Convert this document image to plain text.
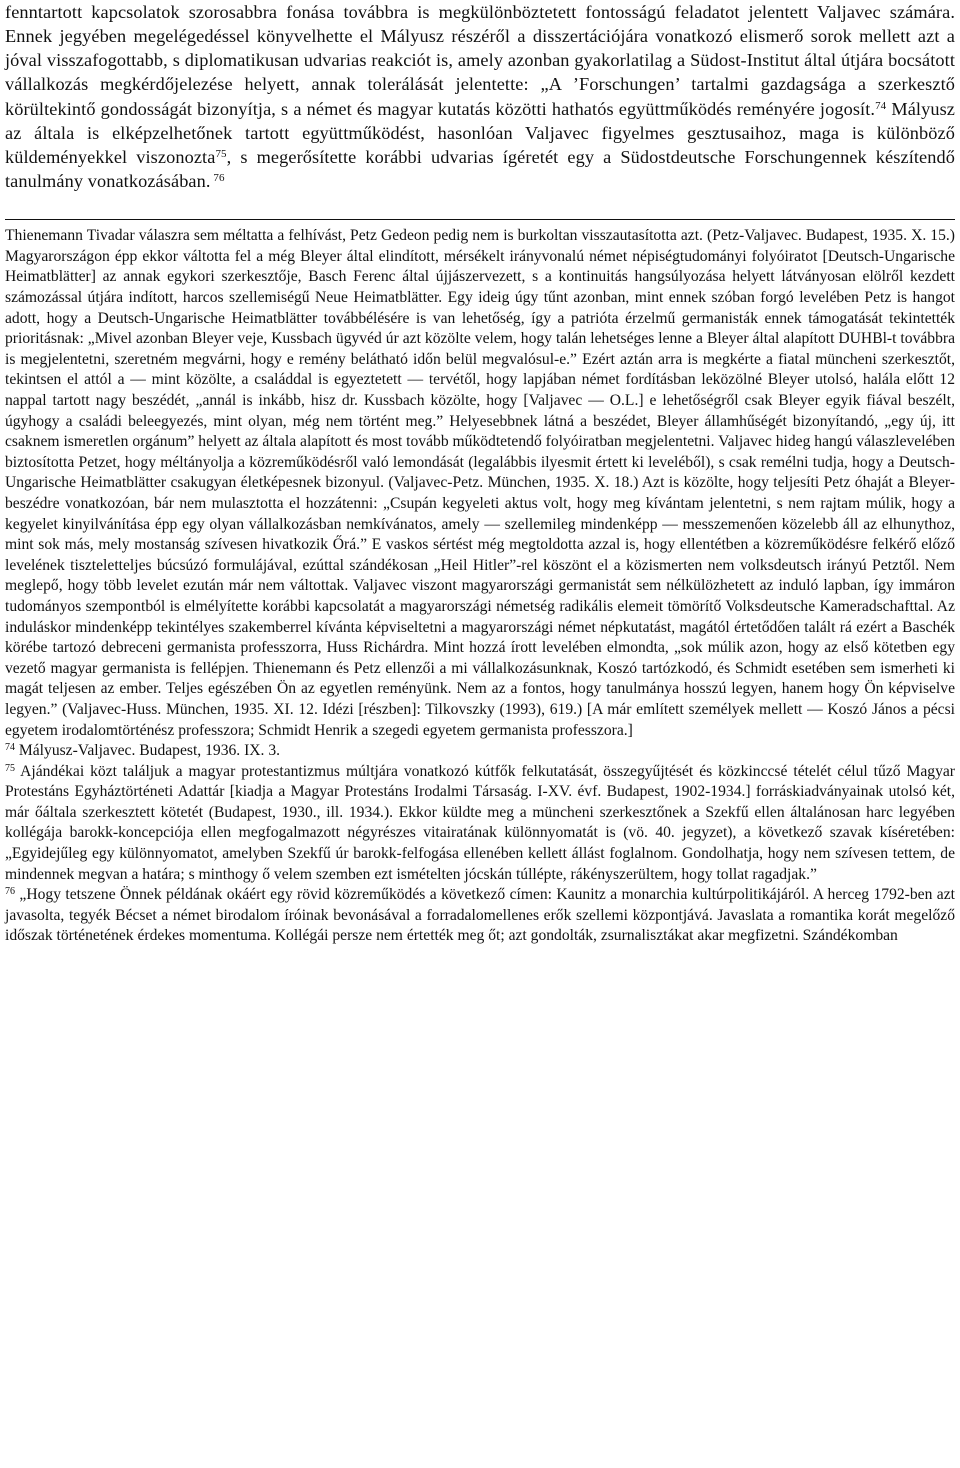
fenntartott kapcsolatok szorosabbra fonása továbbra is megkülönböztetett fontosságú feladatot jelentett Valjavec számára. Ennek jegyében megelégedéssel könyvelhette el Mályusz részéről a disszertációjára vonatkozó elismerő sorok mellett azt a jóval visszafogottabb, s diplomatikusan udvarias reakciót is, amely azonban gyakorlatilag a Südost-Institut által útjára bocsátott vállalkozás megkérdőjelezése helyett, annak tolerálását jelentette: „A ’Forschungen’ tartalmi gazdagsága a szerkesztő körültekintő gondosságát bizonyítja, s a német és magyar kutatás közötti hathatós együttműködés reményére jogosít.$^{74}$ Mályusz az általa is elképzelhetőnek tartott együttműködést, hasonlóan Valjavec figyelmes gesztusaihoz, maga is különböző küldeményekkel viszonozta$^{75}$, s megerősítette korábbi udvarias ígéretét egy a Südostdeutsche Forschungennek készítendő tanulmány vonatkozásában. $^{76}$

Thienemann Tivadar válaszra sem méltatta a felhívást, Petz Gedeon pedig nem is burkoltan visszautasította azt. (Petz-Valjavec. Budapest, 1935. X. 15.) Magyarországon épp ekkor váltotta fel a még Bleyer által elindított, mérsékelt irányvonalú német népiségtudományi folyóiratot [Deutsch-Ungarische Heimatblätter] az annak egykori szerkesztője, Basch Ferenc által újjászervezett, s a kontinuitás hangsúlyozása helyett látványosan elölről kezdett számozással útjára indított, harcos szellemiségű Neue Heimatblätter. Egy ideig úgy tűnt azonban, mint ennek szóban forgó levelében Petz is hangot adott, hogy a Deutsch-Ungarische Heimatblätter továbbélésére is van lehetőség, így a patrióta érzelmű germanisták ennek támogatását tekintették prioritásnak: „Mivel azonban Bleyer veje, Kussbach ügyvéd úr azt közölte velem, hogy talán lehetséges lenne a Bleyer által alapított DUHBl-t továbbra is megjelentetni, szeretném megvárni, hogy e remény belátható időn belül megvalósul-e.” Ezért aztán arra is megkérte a fiatal müncheni szerkesztőt, tekintsen el attól a — mint közölte, a családdal is egyeztetett — tervétől, hogy lapjában német fordításban leközölné Bleyer utolsó, halála előtt 12 nappal tartott nagy beszédét, „annál is inkább, hisz dr. Kussbach közölte, hogy [Valjavec — O.L.] e lehetőségről csak Bleyer egyik fiával beszélt, úgyhogy a családi beleegyezés, mint olyan, még nem történt meg.” Helyesebbnek látná a beszédet, Bleyer államhűségét bizonyítandó, „egy új, itt csaknem ismeretlen orgánum” helyett az általa alapított és most tovább működtetendő folyóiratban megjelentetni. Valjavec hideg hangú válaszlevelében biztosította Petzet, hogy méltányolja a közreműködésről való lemondását (legalábbis ilyesmit értett ki leveléből), s csak remélni tudja, hogy a Deutsch-Ungarische Heimatblätter csakugyan életképesnek bizonyul. (Valjavec-Petz. München, 1935. X. 18.) Azt is közölte, hogy teljesíti Petz óhaját a Bleyer-beszédre vonatkozóan, bár nem mulasztotta el hozzátenni: „Csupán kegyeleti aktus volt, hogy meg kívántam jelentetni, s nem rajtam múlik, hogy a kegyelet kinyilvánítása épp egy olyan vállalkozásban nemkívánatos, amely — szellemileg mindenképp — messzemenően közelebb áll az elhunythoz, mint sok más, mely mostanság szívesen hivatkozik Őrá.” E vaskos sértést még megtoldotta azzal is, hogy ellentétben a közreműködésre felkérő előző levelének tiszteletteljes búcsúzó formulájával, ezúttal szándékosan „Heil Hitler”-rel köszönt el a közismerten nem volksdeutsch irányú Petztől. Nem meglepő, hogy több levelet ezután már nem váltottak. Valjavec viszont magyarországi germanistát sem nélkülözhetett az induló lapban, így immáron tudományos szempontból is elmélyítette korábbi kapcsolatát a magyarországi németség radikális elemeit tömörítő Volksdeutsche Kameradschafttal. Az induláskor mindenképp tekintélyes szakemberrel kívánta képviseltetni a magyarországi német népkutatást, magától értetődően talált rá ezért a Baschék körébe tartozó debreceni germanista professzorra, Huss Richárdra. Mint hozzá írott levelében elmondta, „sok múlik azon, hogy az első kötetben egy vezető magyar germanista is fellépjen. Thienemann és Petz ellenzői a mi vállalkozásunknak, Koszó tartózkodó, és Schmidt esetében sem ismerheti ki magát teljesen az ember. Teljes egészében Ön az egyetlen reményünk. Nem az a fontos, hogy tanulmánya hosszú legyen, hanem hogy Ön képviselve legyen.” (Valjavec-Huss. München, 1935. XI. 12. Idézi [részben]: Tilkovszky (1993), 619.) [A már említett személyek mellett — Koszó János a pécsi egyetem irodalomtörténész professzora; Schmidt Henrik a szegedi egyetem germanista professzora.]

$^{74}$ Mályusz-Valjavec. Budapest, 1936. IX. 3.

$^{75}$ Ajándékai közt találjuk a magyar protestantizmus múltjára vonatkozó kútfők felkutatását, összegyűjtését és közkinccsé tételét célul tűző Magyar Protestáns Egyháztörténeti Adattár [kiadja a Magyar Protestáns Irodalmi Társaság. I-XV. évf. Budapest, 1902-1934.] forráskiadványainak utolsó két, már őáltala szerkesztett kötetét (Budapest, 1930., ill. 1934.). Ekkor küldte meg a müncheni szerkesztőnek a Szekfű ellen általánosan harc legyében kollégája barokk-koncepciója ellen megfogalmazott négyrészes vitairatának különnyomatát is (vö. 40. jegyzet), a következő szavak kíséretében: „Egyidejűleg egy különnyomatot, amelyben Szekfű úr barokk-felfogása ellenében kellett állást foglalnom. Gondolhatja, hogy nem szívesen tettem, de mindennek megvan a határa; s minthogy ő velem szemben ezt ismételten jócskán túllépte, rákényszerültem, hogy tollat ragadjak.”

$^{76}$ „Hogy tetszene Önnek példának okáért egy rövid közreműködés a következő címen: Kaunitz a monarchia kultúrpolitikájáról. A herceg 1792-ben azt javasolta, tegyék Bécset a német birodalom íróinak bevonásával a forradalomellenes erők szellemi központjává. Javaslata a romantika korát megelőző időszak történetének érdekes momentuma. Kollégái persze nem értették meg őt; azt gondolták, zsurnalisztákat akar megfizetni. Szándékomban
